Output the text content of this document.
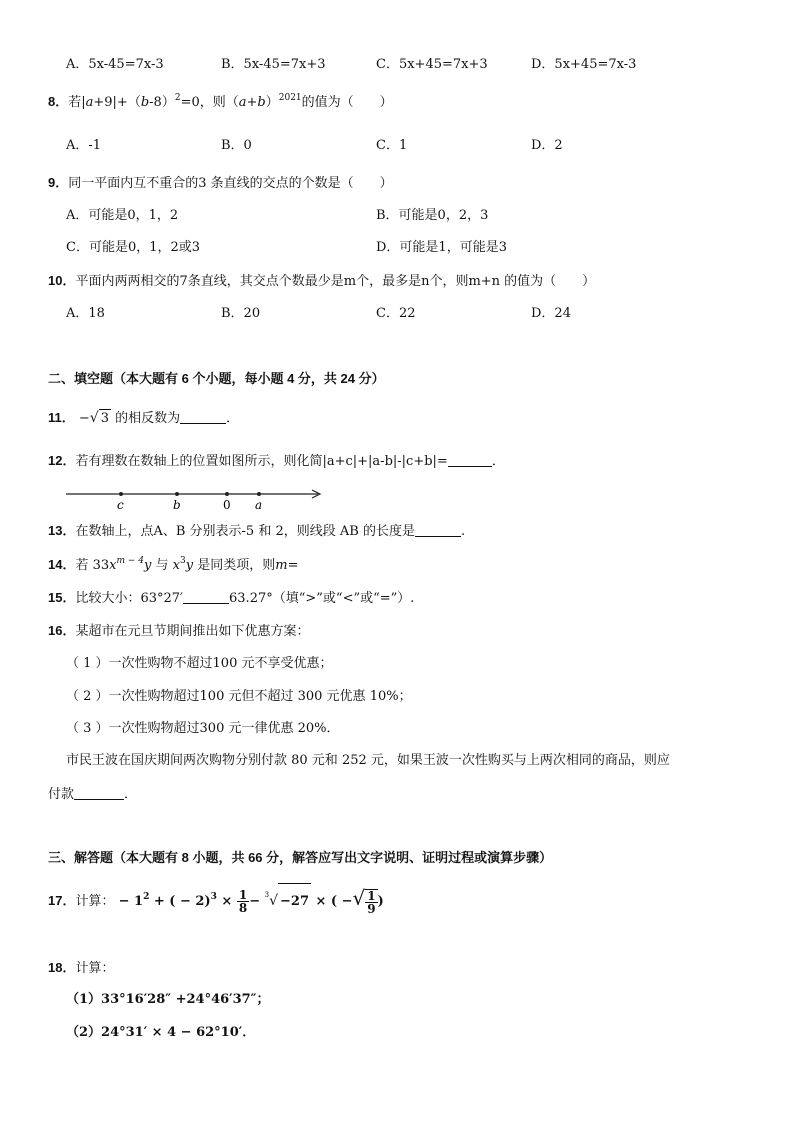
A．5x-45=7x-3	B．5x-45=7x+3	C．5x+45=7x+3	D．5x+45=7x-3
8．若$|a+9|+(b-8)^2=0$，则$(a+b)^{2021}$的值为（　　）
A．-1	B．0	C．1	D．2
9．同一平面内互不重合的3 条直线的交点的个数是（　　）
A．可能是0，1，2	B．可能是0，2，3
C．可能是0，1，2或3	D．可能是1，可能是3
10．平面内两两相交的7条直线，其交点个数最少是m个，最多是n个，则m+n 的值为（　　）
A．18	B．20	C．22	D．24
二、填空题（本大题有 6 个小题，每小题 4 分，共 24 分）
11． −√ 3 的相反数为	．
12．若有理数在数轴上的位置如图所示，则化简|a+c|+|a-b|-|c+b|=	．
c	b	0 a
13．在数轴上，点A、B 分别表示-5 和 2，则线段 AB 的长度是	.
14．若 $33x^{m - 4}y$ 与 $x^3y$ 是同类项，则m=
15．比较大小：63°27′	63.27°（填“>”或“<”或“=”）.
16．某超市在元旦节期间推出如下优惠方案：
（ 1 ）一次性购物不超过100 元不享受优惠；
（ 2 ）一次性购物超过100 元但不超过 300 元优惠 10%；
（ 3 ）一次性购物超过300 元一律优惠 20%．
市民王波在国庆期间两次购物分别付款 80 元和 252 元，如果王波一次性购买与上两次相同的商品，则应
付款	．
三、解答题（本大题有 8 小题，共 66 分，解答应写出文字说明、证明过程或演算步骤）
17．计算： − $1^2$ + ( − $2)^3 \times \frac{1}{8} - ^3√ -27$ × ( −√ $\frac{1}{9}$ )
18．计算：
（1）33°16′28″ +24°46′37″；
（2）24°31′ × 4 − 62°10′．
